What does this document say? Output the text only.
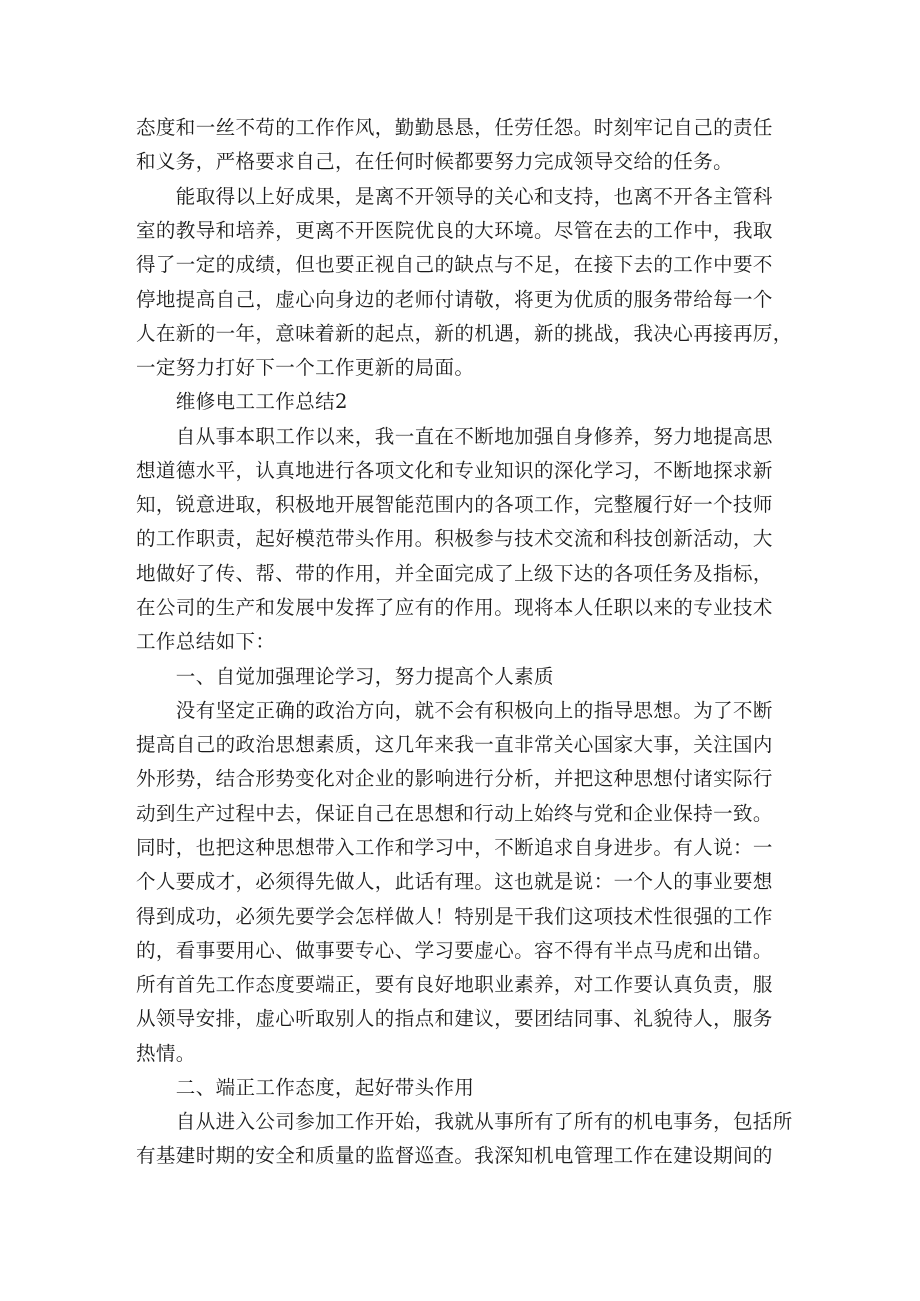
态度和一丝不苟的工作作风，勤勤恳恳，任劳任怨。时刻牢记自己的责任
和义务，严格要求自己，在任何时候都要努力完成领导交给的任务。
　　能取得以上好成果，是离不开领导的关心和支持，也离不开各主管科
室的教导和培养，更离不开医院优良的大环境。尽管在去的工作中，我取
得了一定的成绩，但也要正视自己的缺点与不足，在接下去的工作中要不
停地提高自己，虚心向身边的老师付请敬，将更为优质的服务带给每一个
人在新的一年，意味着新的起点，新的机遇，新的挑战，我决心再接再厉，
一定努力打好下一个工作更新的局面。
　　维修电工工作总结2
　　自从事本职工作以来，我一直在不断地加强自身修养，努力地提高思
想道德水平，认真地进行各项文化和专业知识的深化学习，不断地探求新
知，锐意进取，积极地开展智能范围内的各项工作，完整履行好一个技师
的工作职责，起好模范带头作用。积极参与技术交流和科技创新活动，大
地做好了传、帮、带的作用，并全面完成了上级下达的各项任务及指标，
在公司的生产和发展中发挥了应有的作用。现将本人任职以来的专业技术
工作总结如下：
　　一、自觉加强理论学习，努力提高个人素质
　　没有坚定正确的政治方向，就不会有积极向上的指导思想。为了不断
提高自己的政治思想素质，这几年来我一直非常关心国家大事，关注国内
外形势，结合形势变化对企业的影响进行分析，并把这种思想付诸实际行
动到生产过程中去，保证自己在思想和行动上始终与党和企业保持一致。
同时，也把这种思想带入工作和学习中，不断追求自身进步。有人说：一
个人要成才，必须得先做人，此话有理。这也就是说：一个人的事业要想
得到成功，必须先要学会怎样做人！特别是干我们这项技术性很强的工作
的，看事要用心、做事要专心、学习要虚心。容不得有半点马虎和出错。
所有首先工作态度要端正，要有良好地职业素养，对工作要认真负责，服
从领导安排，虚心听取别人的指点和建议，要团结同事、礼貌待人，服务
热情。
　　二、端正工作态度，起好带头作用
　　自从进入公司参加工作开始，我就从事所有了所有的机电事务，包括所
有基建时期的安全和质量的监督巡查。我深知机电管理工作在建设期间的
